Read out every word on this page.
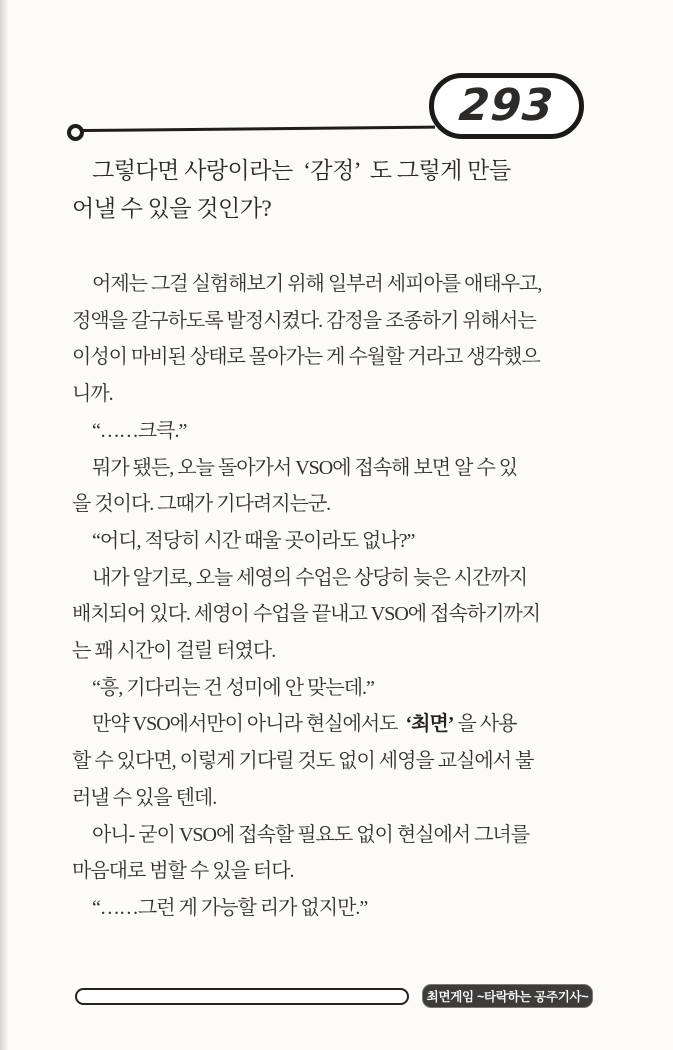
293
그렇다면 사랑이라는  ‘감정’  도 그렇게 만들
어낼 수 있을 것인가?
어제는 그걸 실험해보기 위해 일부러 세피아를 애태우고,
정액을 갈구하도록 발정시켰다. 감정을 조종하기 위해서는
이성이 마비된 상태로 몰아가는 게 수월할 거라고 생각했으
니까.
“……크큭.”
뭐가 됐든, 오늘 돌아가서 VSO에 접속해 보면 알 수 있
을 것이다. 그때가 기다려지는군.
“어디, 적당히 시간 때울 곳이라도 없나?”
내가 알기로, 오늘 세영의 수업은 상당히 늦은 시간까지
배치되어 있다. 세영이 수업을 끝내고 VSO에 접속하기까지
는 꽤 시간이 걸릴 터였다.
“흥, 기다리는 건 성미에 안 맞는데.”
만약 VSO에서만이 아니라 현실에서도  ‘최면’ 을 사용
할 수 있다면, 이렇게 기다릴 것도 없이 세영을 교실에서 불
러낼 수 있을 텐데.
아니- 굳이 VSO에 접속할 필요도 없이 현실에서 그녀를
마음대로 범할 수 있을 터다.
“……그런 게 가능할 리가 없지만.”
최면게임 ~타락하는 공주기사~
